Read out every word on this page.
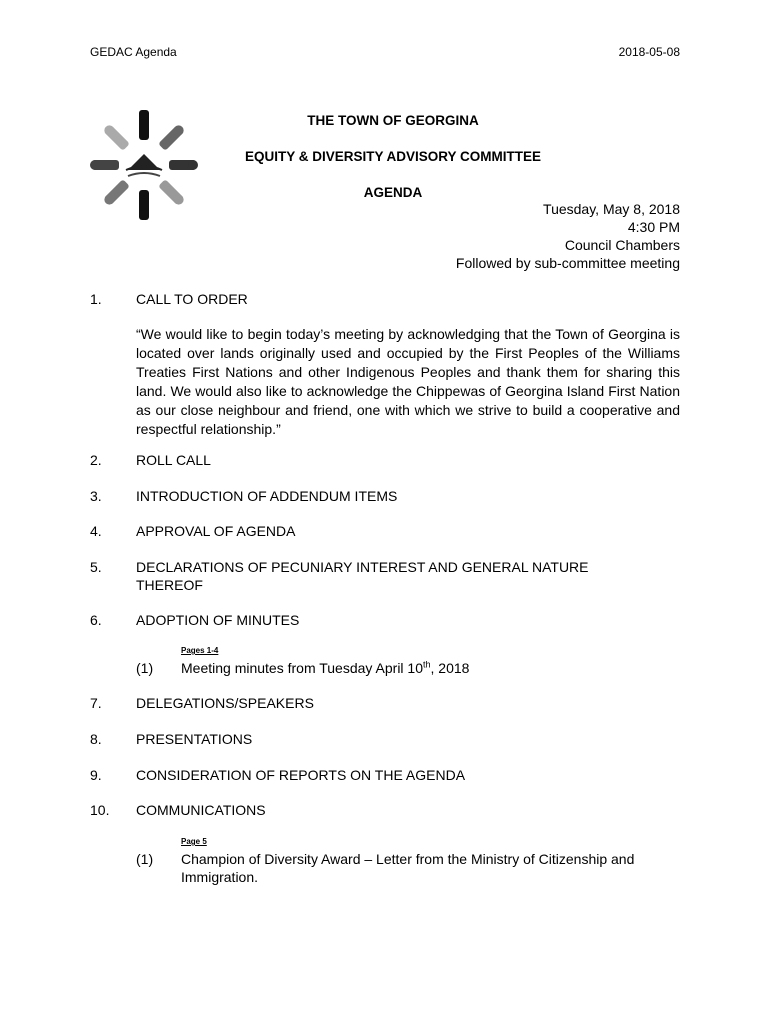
GEDAC Agenda	2018-05-08
THE TOWN OF GEORGINA
EQUITY & DIVERSITY ADVISORY COMMITTEE
AGENDA
Tuesday, May 8, 2018
4:30 PM
Council Chambers
Followed by sub-committee meeting
1.	CALL TO ORDER

“We would like to begin today’s meeting by acknowledging that the Town of Georgina is located over lands originally used and occupied by the First Peoples of the Williams Treaties First Nations and other Indigenous Peoples and thank them for sharing this land. We would also like to acknowledge the Chippewas of Georgina Island First Nation as our close neighbour and friend, one with which we strive to build a cooperative and respectful relationship.”

2.	ROLL CALL
3.	INTRODUCTION OF ADDENDUM ITEMS
4.	APPROVAL OF AGENDA
5.	DECLARATIONS OF PECUNIARY INTEREST AND GENERAL NATURE
THEREOF
6.	ADOPTION OF MINUTES
Pages 1-4
(1) Meeting minutes from Tuesday April 10th, 2018
7.	DELEGATIONS/SPEAKERS
8.	PRESENTATIONS
9.	CONSIDERATION OF REPORTS ON THE AGENDA
10.	COMMUNICATIONS
Page 5
(1) Champion of Diversity Award – Letter from the Ministry of Citizenship and
Immigration.
